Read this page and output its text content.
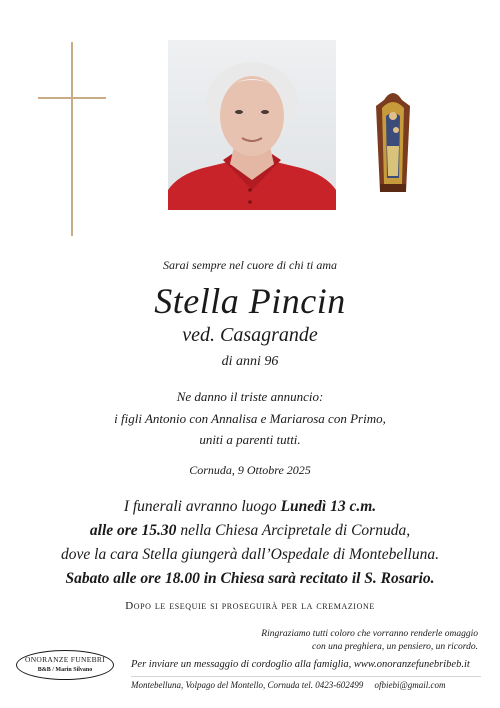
Sarai sempre nel cuore di chi ti ama
Stella Pincin
ved. Casagrande
di anni 96
Ne danno il triste annuncio:
i figli Antonio con Annalisa e Mariarosa con Primo,
uniti a parenti tutti.
Cornuda, 9 Ottobre 2025
I funerali avranno luogo Lunedì 13 c.m.
alle ore 15.30 nella Chiesa Arcipretale di Cornuda,
dove la cara Stella giungerà dall’Ospedale di Montebelluna.
Sabato alle ore 18.00 in Chiesa sarà recitato il S. Rosario.
Dopo le esequie si proseguirà per la cremazione
Ringraziamo tutti coloro che vorranno renderle omaggio
con una preghiera, un pensiero, un ricordo.
ONORANZE FUNEBRI
B&B / Marin Silvano	Per inviare un messaggio di cordoglio alla famiglia, www.onoranzefunebribeb.it
Montebelluna, Volpago del Montello, Cornuda tel. 0423-602499     ofbiebi@gmail.com
